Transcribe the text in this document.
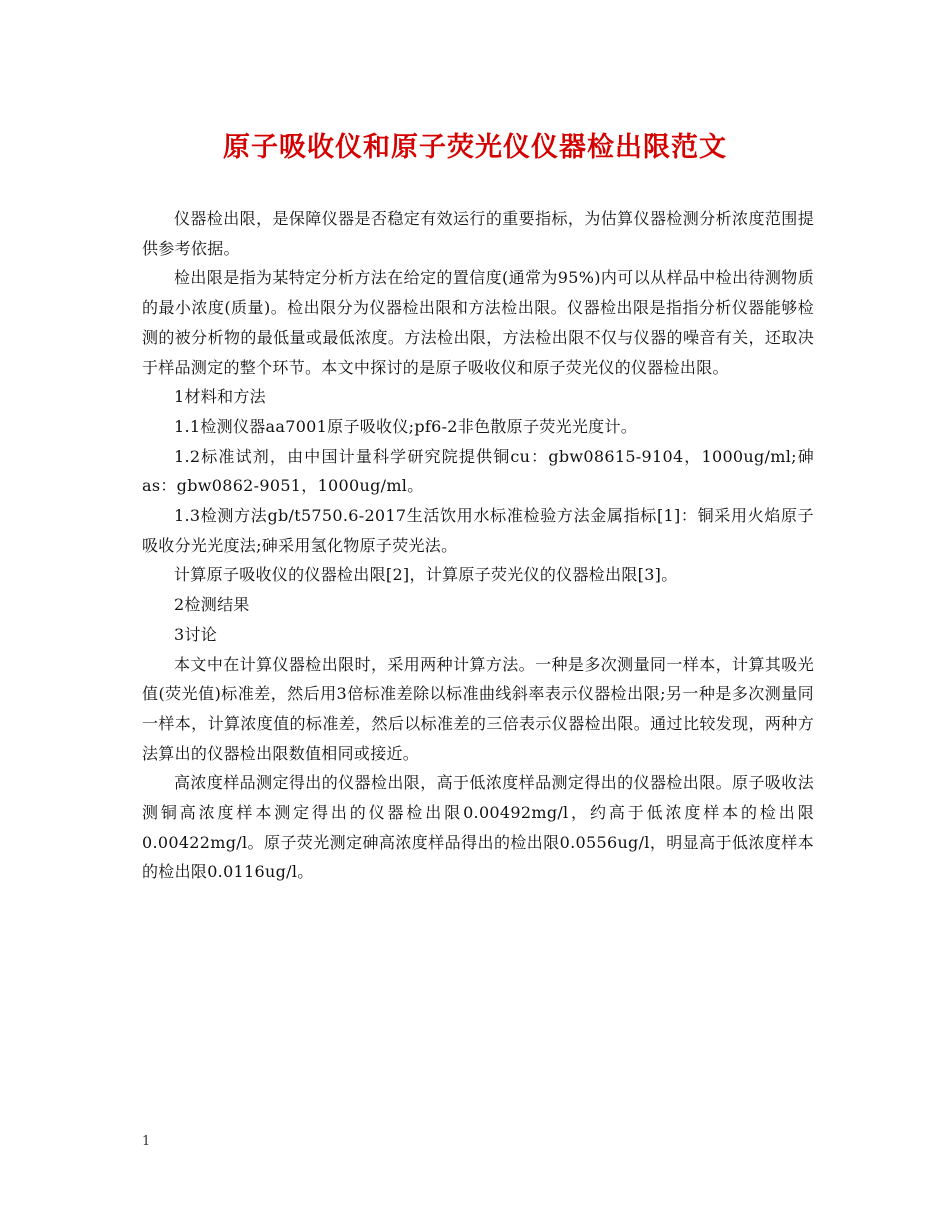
原子吸收仪和原子荧光仪仪器检出限范文

仪器检出限，是保障仪器是否稳定有效运行的重要指标，为估算仪器检测分析浓度范围提供参考依据。

检出限是指为某特定分析方法在给定的置信度(通常为95%)内可以从样品中检出待测物质的最小浓度(质量)。检出限分为仪器检出限和方法检出限。仪器检出限是指指分析仪器能够检测的被分析物的最低量或最低浓度。方法检出限，方法检出限不仅与仪器的噪音有关，还取决于样品测定的整个环节。本文中探讨的是原子吸收仪和原子荧光仪的仪器检出限。

1材料和方法

1.1检测仪器aa7001原子吸收仪;pf6-2非色散原子荧光光度计。

1.2标准试剂，由中国计量科学研究院提供铜cu：gbw08615-9104，1000ug/ml;砷as：gbw0862-9051，1000ug/ml。

1.3检测方法gb/t5750.6-2017生活饮用水标准检验方法金属指标[1]：铜采用火焰原子吸收分光光度法;砷采用氢化物原子荧光法。

计算原子吸收仪的仪器检出限[2]，计算原子荧光仪的仪器检出限[3]。

2检测结果

3讨论

本文中在计算仪器检出限时，采用两种计算方法。一种是多次测量同一样本，计算其吸光值(荧光值)标准差，然后用3倍标准差除以标准曲线斜率表示仪器检出限;另一种是多次测量同一样本，计算浓度值的标准差，然后以标准差的三倍表示仪器检出限。通过比较发现，两种方法算出的仪器检出限数值相同或接近。

高浓度样品测定得出的仪器检出限，高于低浓度样品测定得出的仪器检出限。原子吸收法测铜高浓度样本测定得出的仪器检出限0.00492mg/l，约高于低浓度样本的检出限0.00422mg/l。原子荧光测定砷高浓度样品得出的检出限0.0556ug/l，明显高于低浓度样本的检出限0.0116ug/l。

1
